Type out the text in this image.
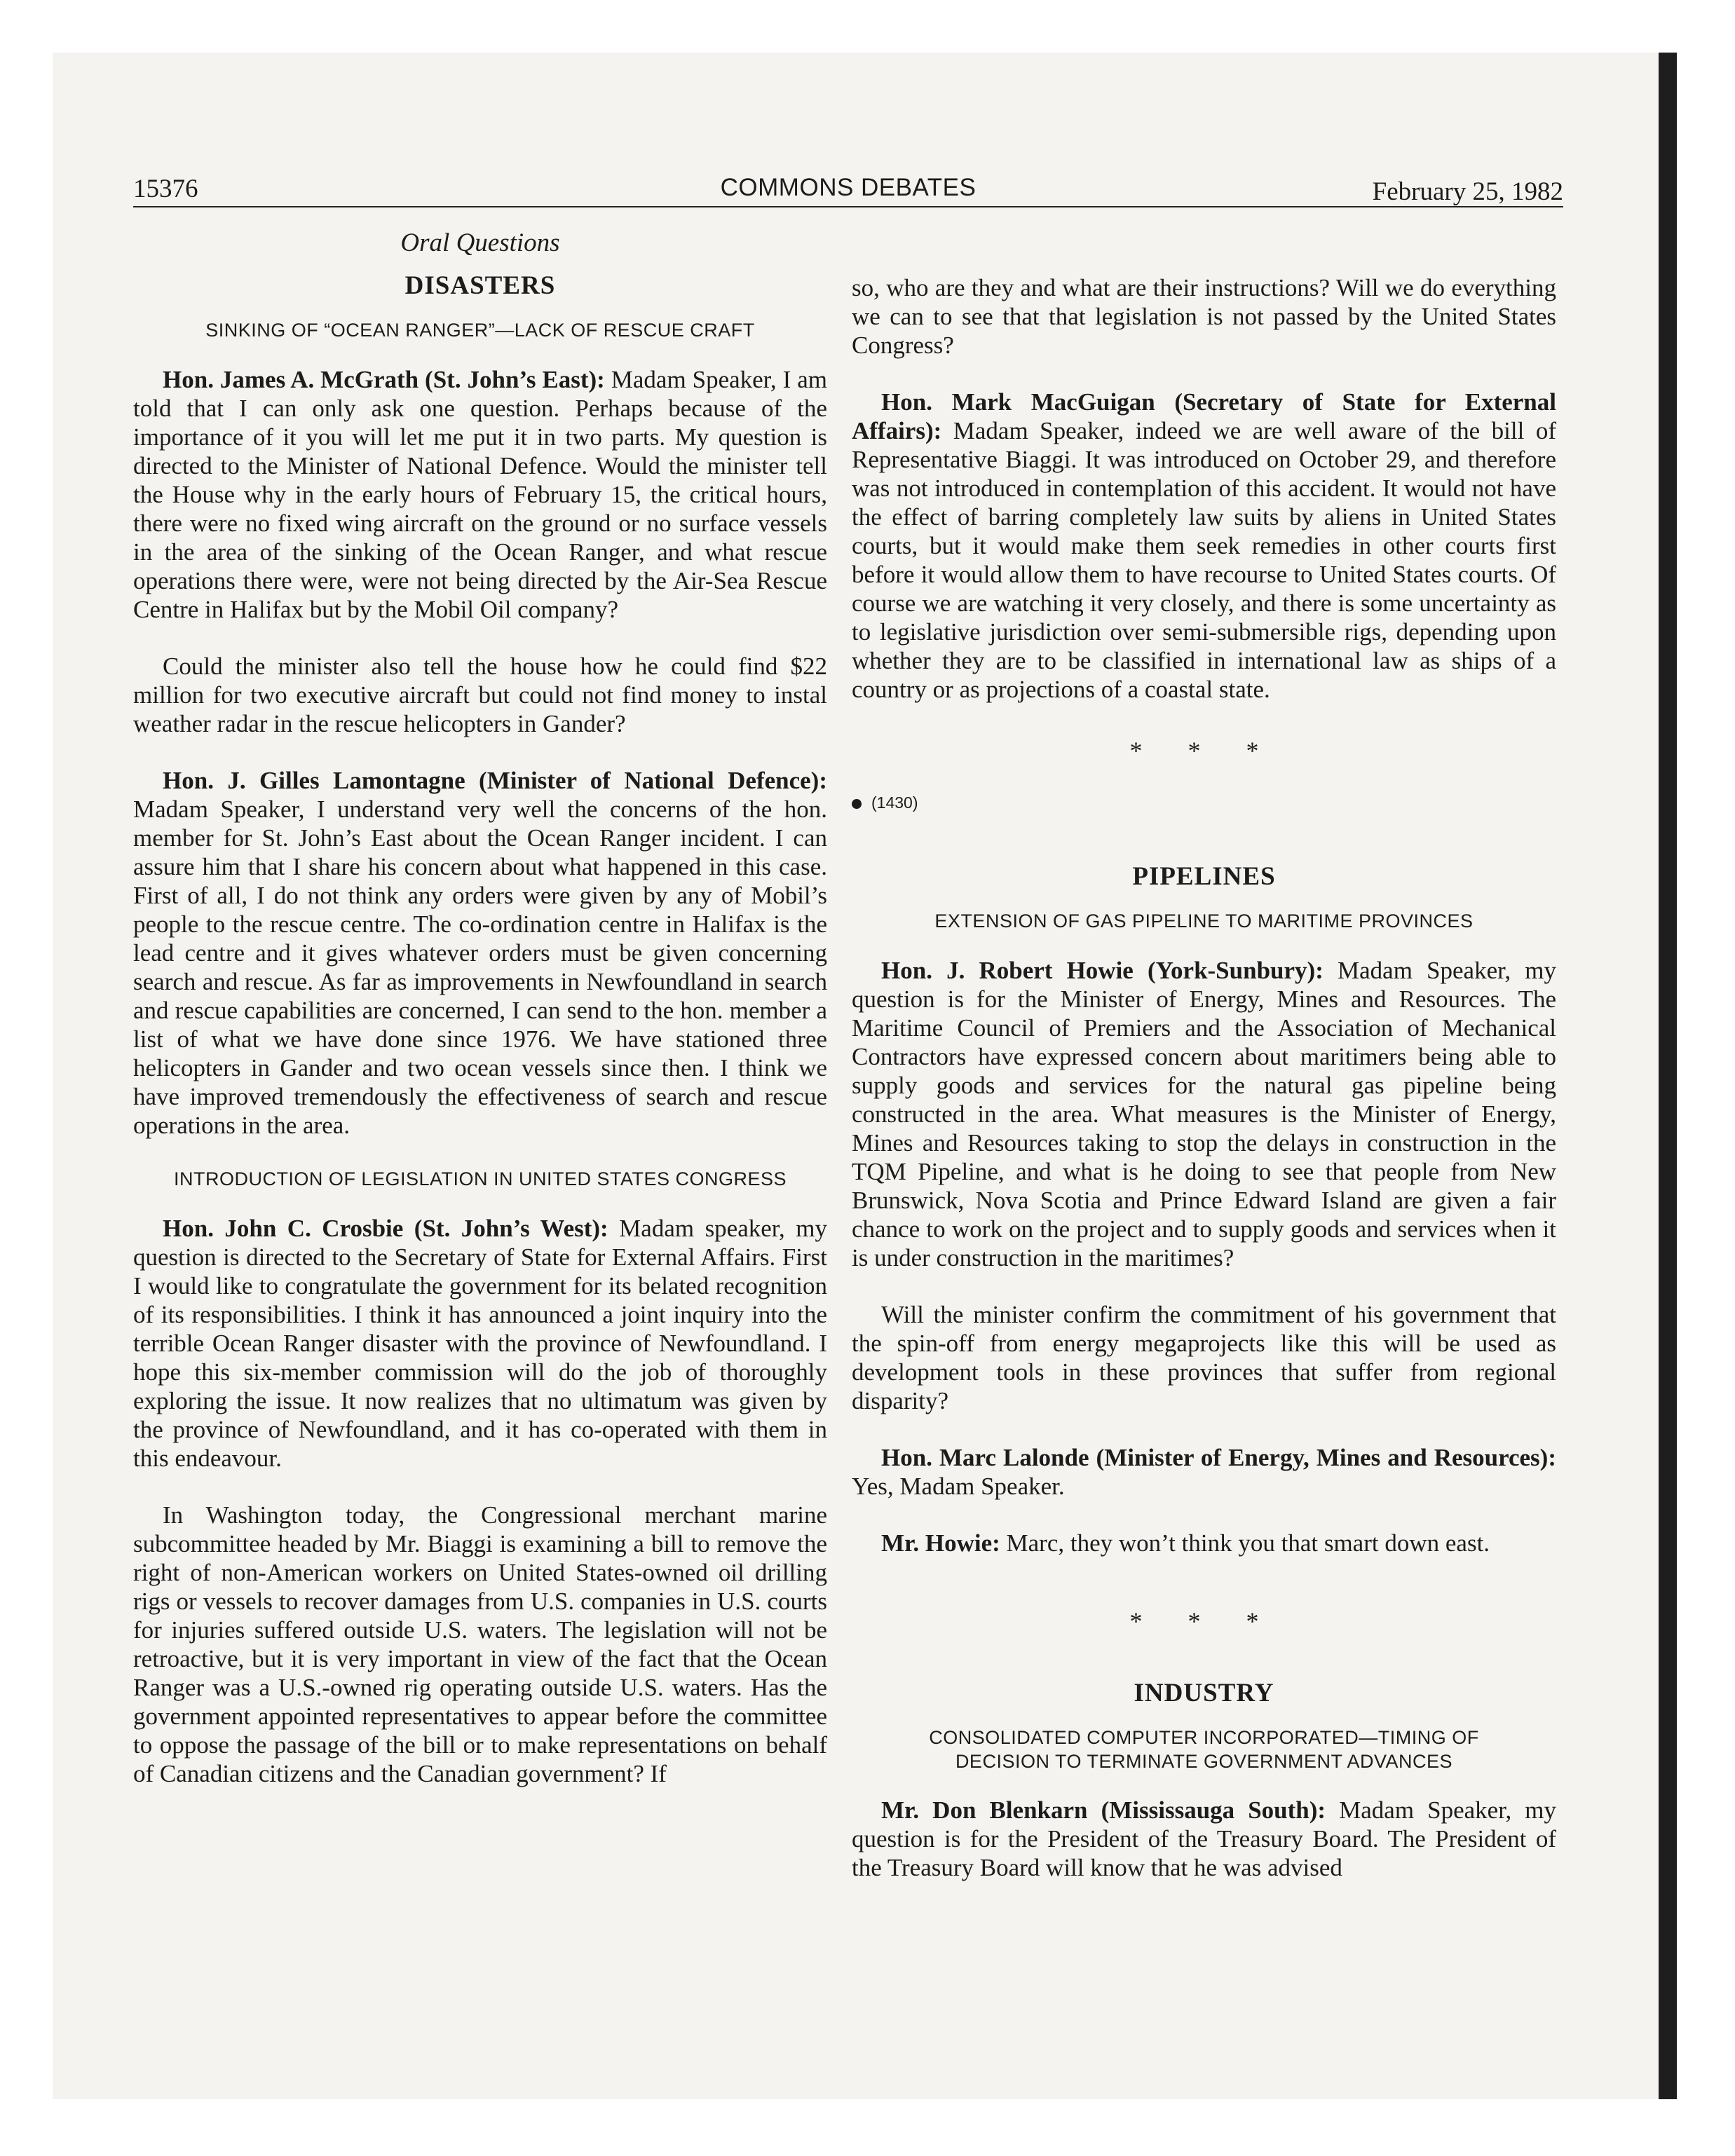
15376	COMMONS DEBATES	February 25, 1982
Oral Questions
DISASTERS
SINKING OF “OCEAN RANGER”—LACK OF RESCUE CRAFT

Hon. James A. McGrath (St. John’s East): Madam Speaker, I am told that I can only ask one question. Perhaps because of the importance of it you will let me put it in two parts. My question is directed to the Minister of National Defence. Would the minister tell the House why in the early hours of February 15, the critical hours, there were no fixed wing aircraft on the ground or no surface vessels in the area of the sinking of the Ocean Ranger, and what rescue operations there were, were not being directed by the Air-Sea Rescue Centre in Halifax but by the Mobil Oil company?

Could the minister also tell the house how he could find $22 million for two executive aircraft but could not find money to instal weather radar in the rescue helicopters in Gander?

Hon. J. Gilles Lamontagne (Minister of National Defence): Madam Speaker, I understand very well the concerns of the hon. member for St. John’s East about the Ocean Ranger incident. I can assure him that I share his concern about what happened in this case. First of all, I do not think any orders were given by any of Mobil’s people to the rescue centre. The co-ordination centre in Halifax is the lead centre and it gives whatever orders must be given concerning search and rescue. As far as improvements in Newfoundland in search and rescue capabilities are concerned, I can send to the hon. member a list of what we have done since 1976. We have stationed three helicopters in Gander and two ocean vessels since then. I think we have improved tremendously the effectiveness of search and rescue operations in the area.

INTRODUCTION OF LEGISLATION IN UNITED STATES CONGRESS

Hon. John C. Crosbie (St. John’s West): Madam speaker, my question is directed to the Secretary of State for External Affairs. First I would like to congratulate the government for its belated recognition of its responsibilities. I think it has announced a joint inquiry into the terrible Ocean Ranger disaster with the province of Newfoundland. I hope this six-member commission will do the job of thoroughly exploring the issue. It now realizes that no ultimatum was given by the province of Newfoundland, and it has co-operated with them in this endeavour.

In Washington today, the Congressional merchant marine subcommittee headed by Mr. Biaggi is examining a bill to remove the right of non-American workers on United States-owned oil drilling rigs or vessels to recover damages from U.S. companies in U.S. courts for injuries suffered outside U.S. waters. The legislation will not be retroactive, but it is very important in view of the fact that the Ocean Ranger was a U.S.-owned rig operating outside U.S. waters. Has the government appointed representatives to appear before the committee to oppose the passage of the bill or to make representations on behalf of Canadian citizens and the Canadian government? If

so, who are they and what are their instructions? Will we do everything we can to see that that legislation is not passed by the United States Congress?

Hon. Mark MacGuigan (Secretary of State for External Affairs): Madam Speaker, indeed we are well aware of the bill of Representative Biaggi. It was introduced on October 29, and therefore was not introduced in contemplation of this accident. It would not have the effect of barring completely law suits by aliens in United States courts, but it would make them seek remedies in other courts first before it would allow them to have recourse to United States courts. Of course we are watching it very closely, and there is some uncertainty as to legislative jurisdiction over semi-submersible rigs, depending upon whether they are to be classified in international law as ships of a country or as projections of a coastal state.

* * *
(1430)
PIPELINES
EXTENSION OF GAS PIPELINE TO MARITIME PROVINCES

Hon. J. Robert Howie (York-Sunbury): Madam Speaker, my question is for the Minister of Energy, Mines and Resources. The Maritime Council of Premiers and the Association of Mechanical Contractors have expressed concern about maritimers being able to supply goods and services for the natural gas pipeline being constructed in the area. What measures is the Minister of Energy, Mines and Resources taking to stop the delays in construction in the TQM Pipeline, and what is he doing to see that people from New Brunswick, Nova Scotia and Prince Edward Island are given a fair chance to work on the project and to supply goods and services when it is under construction in the maritimes?

Will the minister confirm the commitment of his government that the spin-off from energy megaprojects like this will be used as development tools in these provinces that suffer from regional disparity?

Hon. Marc Lalonde (Minister of Energy, Mines and Resources): Yes, Madam Speaker.

Mr. Howie: Marc, they won’t think you that smart down east.

* * *
INDUSTRY
CONSOLIDATED COMPUTER INCORPORATED—TIMING OF
DECISION TO TERMINATE GOVERNMENT ADVANCES

Mr. Don Blenkarn (Mississauga South): Madam Speaker, my question is for the President of the Treasury Board. The President of the Treasury Board will know that he was advised
